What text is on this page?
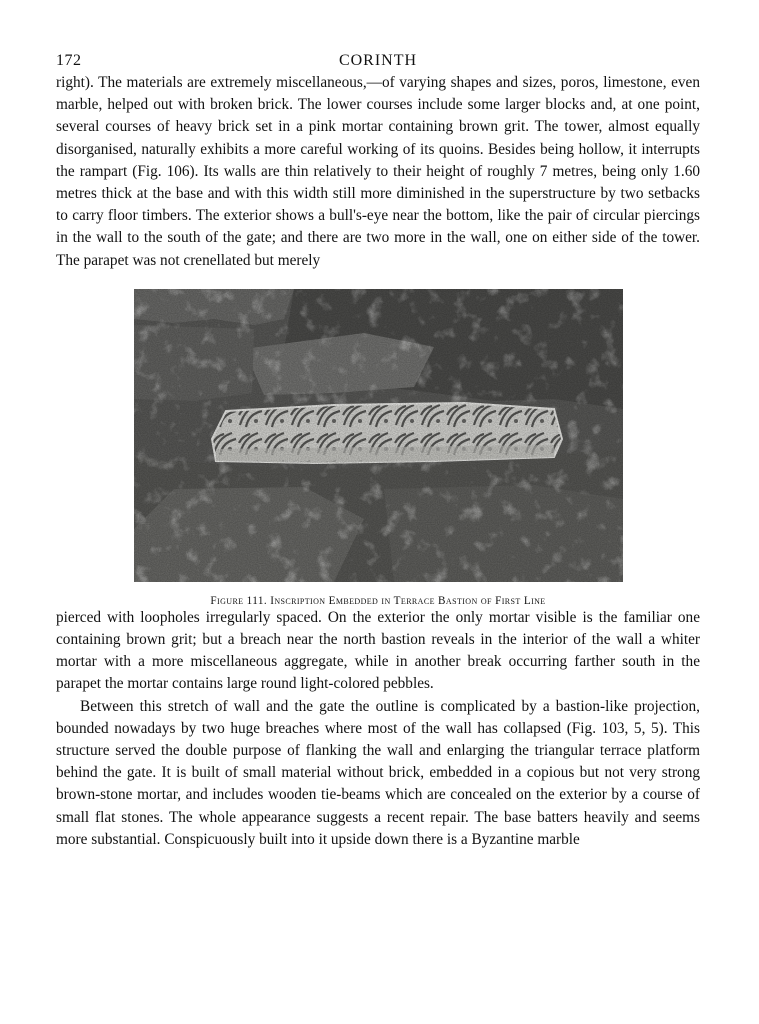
172	CORINTH

right). The materials are extremely miscellaneous,—of varying shapes and sizes, poros, limestone, even marble, helped out with broken brick. The lower courses include some larger blocks and, at one point, several courses of heavy brick set in a pink mortar containing brown grit. The tower, almost equally disorganised, naturally exhibits a more careful working of its quoins. Besides being hollow, it interrupts the rampart (Fig. 106). Its walls are thin relatively to their height of roughly 7 metres, being only 1.60 metres thick at the base and with this width still more diminished in the superstructure by two setbacks to carry floor timbers. The exterior shows a bull's-eye near the bottom, like the pair of circular piercings in the wall to the south of the gate; and there are two more in the wall, one on either side of the tower. The parapet was not crenellated but merely

Figure 111. Inscription Embedded in Terrace Bastion of First Line

pierced with loopholes irregularly spaced. On the exterior the only mortar visible is the familiar one containing brown grit; but a breach near the north bastion reveals in the interior of the wall a whiter mortar with a more miscellaneous aggregate, while in another break occurring farther south in the parapet the mortar contains large round light-colored pebbles.

Between this stretch of wall and the gate the outline is complicated by a bastion-like projection, bounded nowadays by two huge breaches where most of the wall has collapsed (Fig. 103, 5, 5). This structure served the double purpose of flanking the wall and enlarging the triangular terrace platform behind the gate. It is built of small material without brick, embedded in a copious but not very strong brown-stone mortar, and includes wooden tie-beams which are concealed on the exterior by a course of small flat stones. The whole appearance suggests a recent repair. The base batters heavily and seems more substantial. Conspicuously built into it upside down there is a Byzantine marble
